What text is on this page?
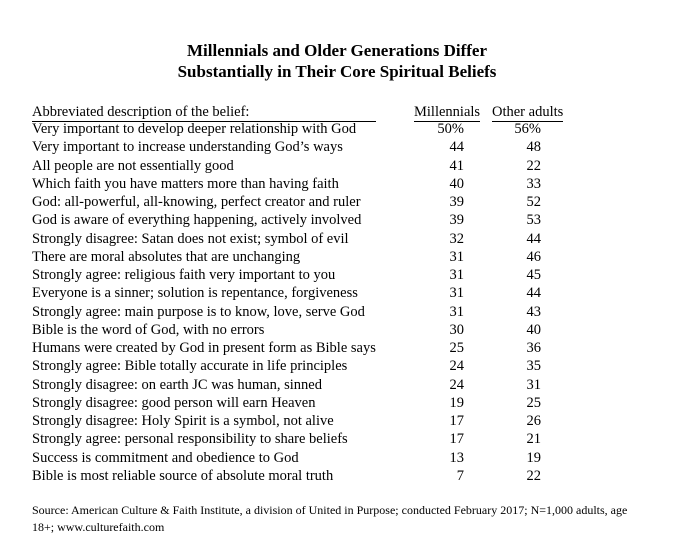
Millennials and Older Generations Differ
Substantially in Their Core Spiritual Beliefs
Abbreviated description of the belief:	Millennials Other adults
Very important to develop deeper relationship with God	50%	56%
Very important to increase understanding God’s ways	44	48
All people are not essentially good	41	22
Which faith you have matters more than having faith	40	33
God: all-powerful, all-knowing, perfect creator and ruler	39	52
God is aware of everything happening, actively involved	39	53
Strongly disagree: Satan does not exist; symbol of evil	32	44
There are moral absolutes that are unchanging	31	46
Strongly agree: religious faith very important to you	31	45
Everyone is a sinner; solution is repentance, forgiveness	31	44
Strongly agree: main purpose is to know, love, serve God	31	43
Bible is the word of God, with no errors	30	40
Humans were created by God in present form as Bible says	25	36
Strongly agree: Bible totally accurate in life principles	24	35
Strongly disagree: on earth JC was human, sinned	24	31
Strongly disagree: good person will earn Heaven	19	25
Strongly disagree: Holy Spirit is a symbol, not alive	17	26
Strongly agree: personal responsibility to share beliefs	17	21
Success is commitment and obedience to God	13	19
Bible is most reliable source of absolute moral truth	7	22
Source: American Culture & Faith Institute, a division of United in Purpose; conducted February 2017; N=1,000 adults, age 18+; www.culturefaith.com
